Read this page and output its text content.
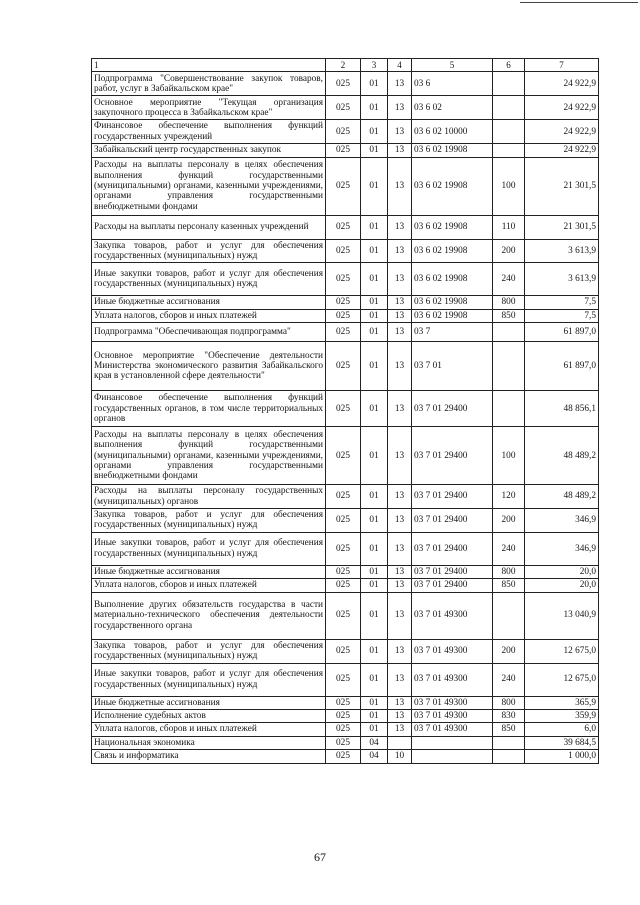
1	2	3	4	5	6	7
Подпрограмма "Совершенствование закупок товаров, работ, услуг в Забайкальском крае"	025	01	13	03 6		24 922,9
Основное мероприятие "Текущая организация закупочного процесса в Забайкальском крае"	025	01	13	03 6 02		24 922,9
Финансовое обеспечение выполнения функций государственных учреждений	025	01	13	03 6 02 10000		24 922,9
Забайкальский центр государственных закупок	025	01	13	03 6 02 19908		24 922,9
Расходы на выплаты персоналу в целях обеспечения выполнения функций государственными (муниципальными) органами, казенными учреждениями, органами управления государственными внебюджетными фондами	025	01	13	03 6 02 19908	100	21 301,5
Расходы на выплаты персоналу казенных учреждений	025	01	13	03 6 02 19908	110	21 301,5
Закупка товаров, работ и услуг для обеспечения государственных (муниципальных) нужд	025	01	13	03 6 02 19908	200	3 613,9
Иные закупки товаров, работ и услуг для обеспечения государственных (муниципальных) нужд	025	01	13	03 6 02 19908	240	3 613,9
Иные бюджетные ассигнования	025	01	13	03 6 02 19908	800	7,5
Уплата налогов, сборов и иных платежей	025	01	13	03 6 02 19908	850	7,5
Подпрограмма "Обеспечивающая подпрограмма"	025	01	13	03 7		61 897,0
Основное мероприятие "Обеспечение деятельности Министерства экономического развития Забайкальского края в установленной сфере деятельности"	025	01	13	03 7 01		61 897,0
Финансовое обеспечение выполнения функций государственных органов, в том числе территориальных органов	025	01	13	03 7 01 29400		48 856,1
Расходы на выплаты персоналу в целях обеспечения выполнения функций государственными (муниципальными) органами, казенными учреждениями, органами управления государственными внебюджетными фондами	025	01	13	03 7 01 29400	100	48 489,2
Расходы на выплаты персоналу государственных (муниципальных) органов	025	01	13	03 7 01 29400	120	48 489,2
Закупка товаров, работ и услуг для обеспечения государственных (муниципальных) нужд	025	01	13	03 7 01 29400	200	346,9
Иные закупки товаров, работ и услуг для обеспечения государственных (муниципальных) нужд	025	01	13	03 7 01 29400	240	346,9
Иные бюджетные ассигнования	025	01	13	03 7 01 29400	800	20,0
Уплата налогов, сборов и иных платежей	025	01	13	03 7 01 29400	850	20,0
Выполнение других обязательств государства в части материально-технического обеспечения деятельности государственного органа	025	01	13	03 7 01 49300		13 040,9
Закупка товаров, работ и услуг для обеспечения государственных (муниципальных) нужд	025	01	13	03 7 01 49300	200	12 675,0
Иные закупки товаров, работ и услуг для обеспечения государственных (муниципальных) нужд	025	01	13	03 7 01 49300	240	12 675,0
Иные бюджетные ассигнования	025	01	13	03 7 01 49300	800	365,9
Исполнение судебных актов	025	01	13	03 7 01 49300	830	359,9
Уплата налогов, сборов и иных платежей	025	01	13	03 7 01 49300	850	6,0
Национальная экономика	025	04				39 684,5
Связь и информатика	025	04	10			1 000,0
67
